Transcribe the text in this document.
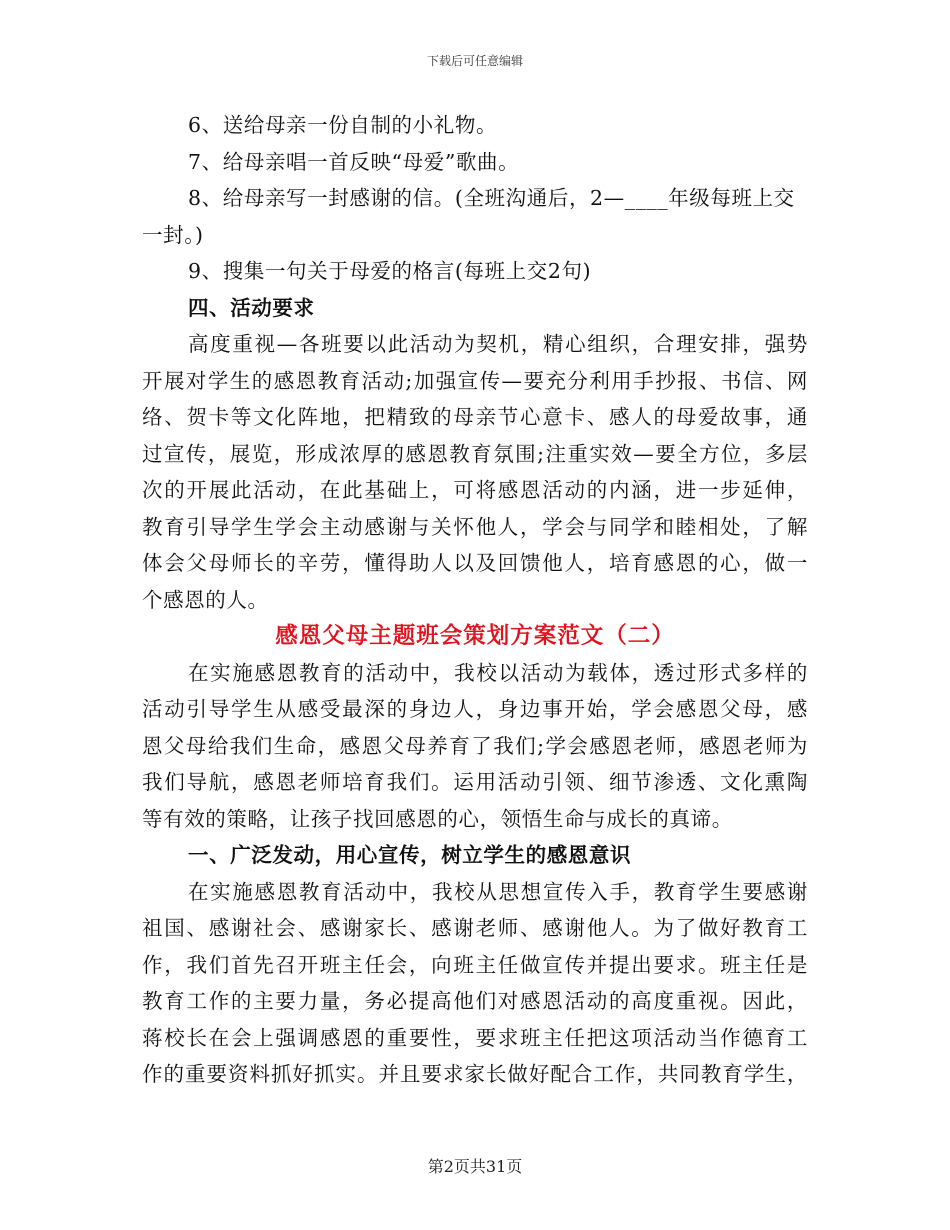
下载后可任意编辑
6、送给母亲一份自制的小礼物。
7、给母亲唱一首反映“母爱”歌曲。
8、给母亲写一封感谢的信。(全班沟通后，2—____年级每班上交
一封。)
9、搜集一句关于母爱的格言(每班上交2句)
四、活动要求
高度重视—各班要以此活动为契机，精心组织，合理安排，强势
开展对学生的感恩教育活动;加强宣传—要充分利用手抄报、书信、网
络、贺卡等文化阵地，把精致的母亲节心意卡、感人的母爱故事，通
过宣传，展览，形成浓厚的感恩教育氛围;注重实效—要全方位，多层
次的开展此活动，在此基础上，可将感恩活动的内涵，进一步延伸，
教育引导学生学会主动感谢与关怀他人，学会与同学和睦相处，了解
体会父母师长的辛劳，懂得助人以及回馈他人，培育感恩的心，做一
个感恩的人。
感恩父母主题班会策划方案范文（二）
在实施感恩教育的活动中，我校以活动为载体，透过形式多样的
活动引导学生从感受最深的身边人，身边事开始，学会感恩父母，感
恩父母给我们生命，感恩父母养育了我们;学会感恩老师，感恩老师为
我们导航，感恩老师培育我们。运用活动引领、细节渗透、文化熏陶
等有效的策略，让孩子找回感恩的心，领悟生命与成长的真谛。
一、广泛发动，用心宣传，树立学生的感恩意识
在实施感恩教育活动中，我校从思想宣传入手，教育学生要感谢
祖国、感谢社会、感谢家长、感谢老师、感谢他人。为了做好教育工
作，我们首先召开班主任会，向班主任做宣传并提出要求。班主任是
教育工作的主要力量，务必提高他们对感恩活动的高度重视。因此，
蒋校长在会上强调感恩的重要性，要求班主任把这项活动当作德育工
作的重要资料抓好抓实。并且要求家长做好配合工作，共同教育学生，
第2页共31页
